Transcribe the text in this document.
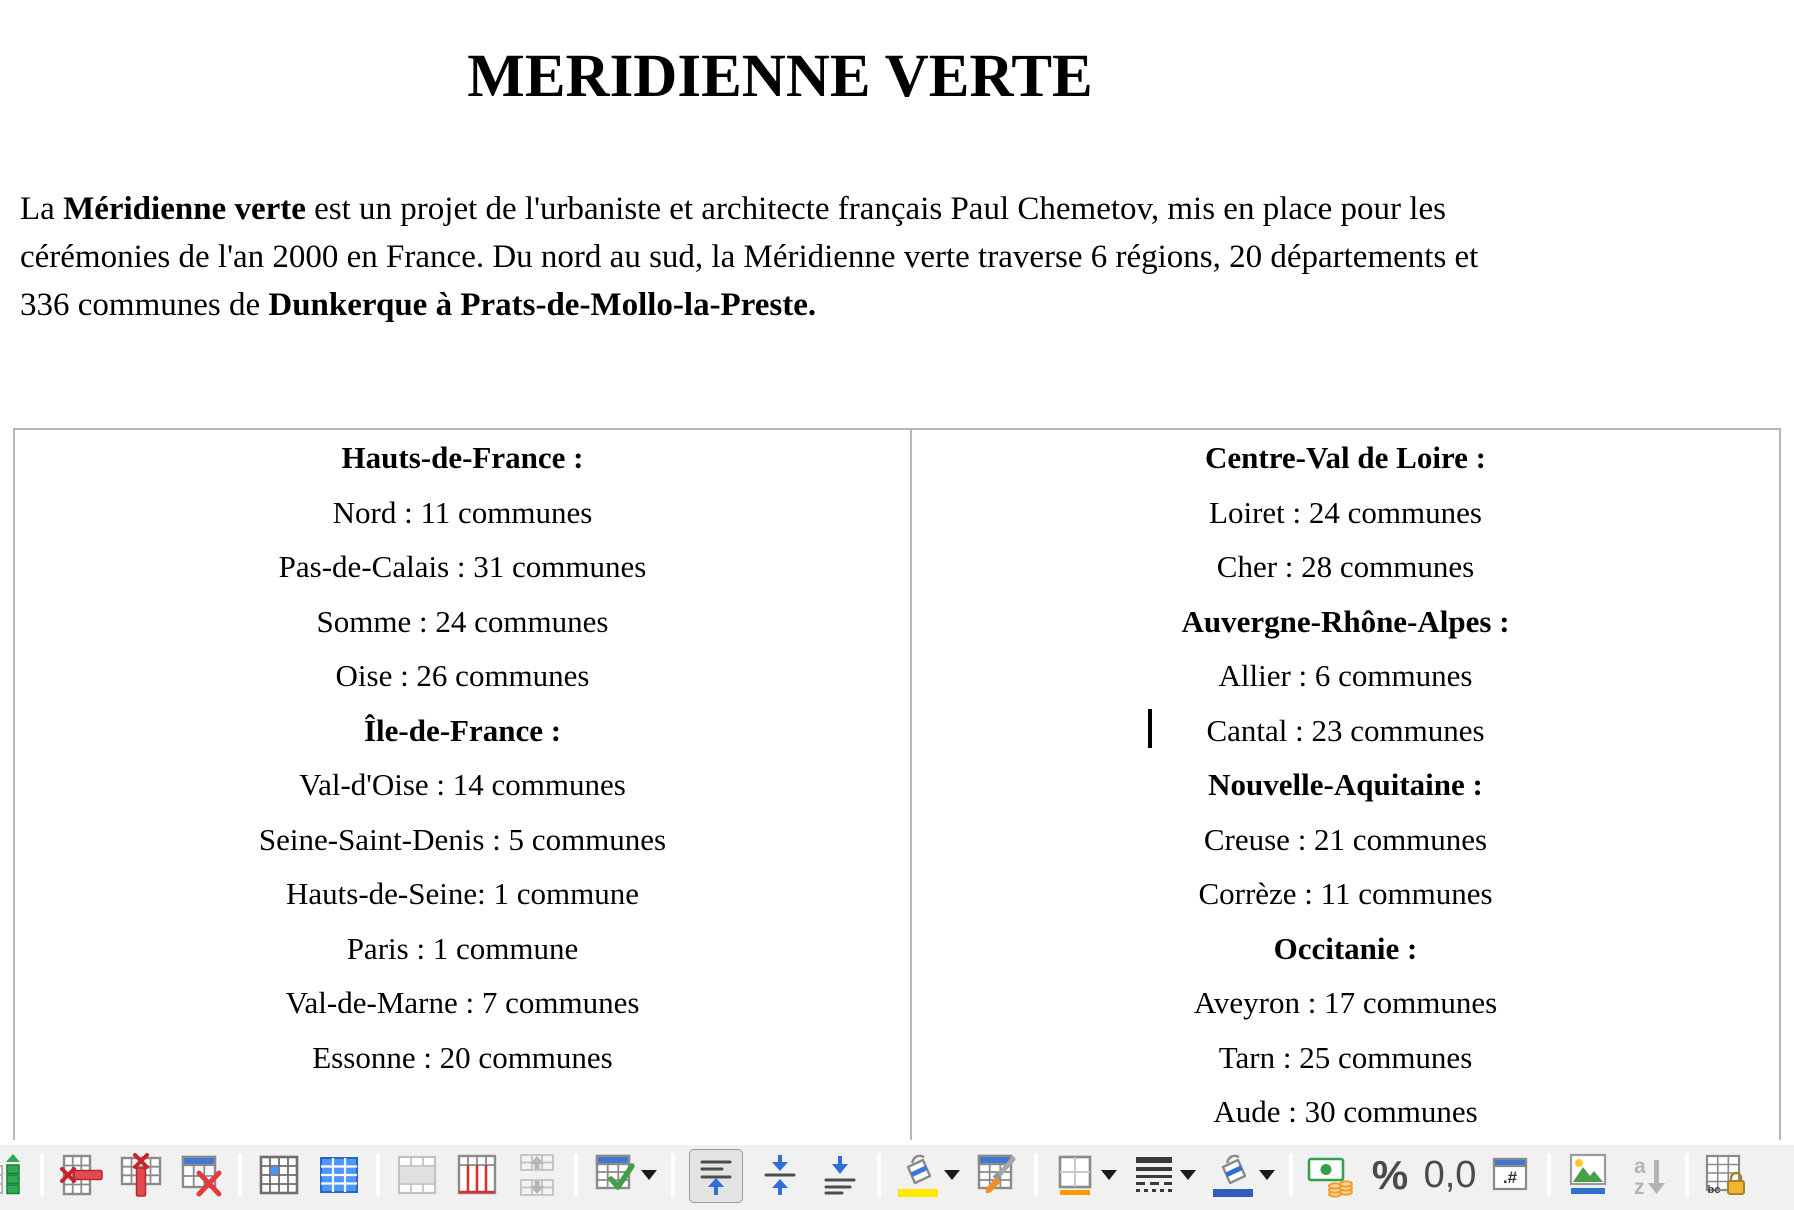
MERIDIENNE VERTE

La Méridienne verte est un projet de l'urbaniste et architecte français Paul Chemetov, mis en place pour les cérémonies de l'an 2000 en France. Du nord au sud, la Méridienne verte traverse 6 régions, 20 départements et 336 communes de Dunkerque à Prats-de-Mollo-la-Preste.

Hauts-de-France :
Nord : 11 communes
Pas-de-Calais : 31 communes
Somme : 24 communes
Oise : 26 communes
Île-de-France :
Val-d'Oise : 14 communes
Seine-Saint-Denis : 5 communes
Hauts-de-Seine: 1 commune
Paris : 1 commune
Val-de-Marne : 7 communes
Essonne : 20 communes
Centre-Val de Loire :
Loiret : 24 communes
Cher : 28 communes
Auvergne-Rhône-Alpes :
Allier : 6 communes
Cantal : 23 communes
Nouvelle-Aquitaine :
Creuse : 21 communes
Corrèze : 11 communes
Occitanie :
Aveyron : 17 communes
Tarn : 25 communes
Aude : 30 communes
% 0,0 .#	a
z	bc
